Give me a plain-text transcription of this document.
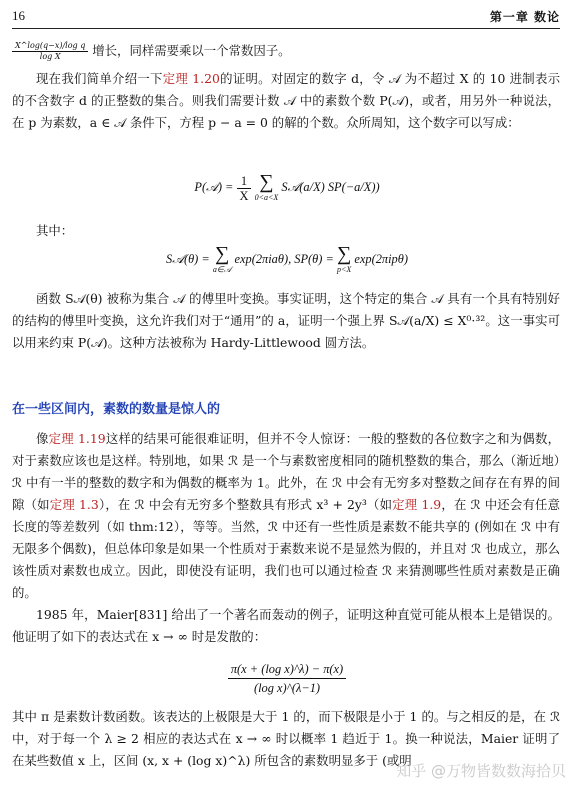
16	第一章 数论
$\frac{\text{X\textasciicircum{}log(q−x)/log q}}{\text{log X}}$ 增长，同样需要乘以一个常数因子。
现在我们简单介绍一下定理 1.20的证明。对固定的数字 d，令 𝒜 为不超过 X 的 10 进制表示的不含数字 d 的正整数的集合。则我们需要计数 𝒜 中的素数个数 P(𝒜)，或者，用另外一种说法，在 p 为素数，a ∈ 𝒜 条件下，方程 p − a = 0 的解的个数。众所周知，这个数字可以写成：
P(𝒜) = $\frac{1}{X}$
∑
0<a<X
S𝒜(a/X) SP(−a/X))
其中：
S𝒜(θ) = ∑
a∈𝒜
exp(2πiaθ), SP(θ) = ∑
p<X
exp(2πipθ)
函数 S𝒜(θ) 被称为集合 𝒜 的傅里叶变换。事实证明，这个特定的集合 𝒜 具有一个具有特别好的结构的傅里叶变换，这允许我们对于“通用”的 a，证明一个强上界 S𝒜(a/X) ≤ X⁰·³²。这一事实可以用来约束 P(𝒜)。这种方法被称为 Hardy-Littlewood 圆方法。
在一些区间内，素数的数量是惊人的
像定理 1.19这样的结果可能很难证明，但并不令人惊讶：一般的整数的各位数字之和为偶数，对于素数应该也是这样。特别地，如果 ℛ 是一个与素数密度相同的随机整数的集合，那么（渐近地）ℛ 中有一半的整数的数字和为偶数的概率为 1。此外，在 ℛ 中会有无穷多对整数之间存在有界的间隙（如定理 1.3），在 ℛ 中会有无穷多个整数具有形式 x³ + 2y³（如定理 1.9，在 ℛ 中还会有任意长度的等差数列（如 thm:12），等等。当然，ℛ 中还有一些性质是素数不能共享的 (例如在 ℛ 中有无限多个偶数)，但总体印象是如果一个性质对于素数来说不是显然为假的，并且对 ℛ 也成立，那么该性质对素数也成立。因此，即使没有证明，我们也可以通过检查 ℛ 来猜测哪些性质对素数是正确的。
1985 年，Maier[831] 给出了一个著名而轰动的例子，证明这种直觉可能从根本上是错误的。他证明了如下的表达式在 x → ∞ 时是发散的：
$\frac{\text{π(x + (log x)\textasciicircum{}λ) − π(x)}}{\text{(log x)\textasciicircum{}(λ−1)}}$
其中 π 是素数计数函数。该表达的上极限是大于 1 的，而下极限是小于 1 的。与之相反的是，在 ℛ 中，对于每一个 λ ≥ 2 相应的表达式在 x → ∞ 时以概率 1 趋近于 1。换一种说法，Maier 证明了在某些数值 x 上，区间 (x, x + (log x)^λ) 所包含的素数明显多于 (或明
知乎 @万物皆数数海拾贝
